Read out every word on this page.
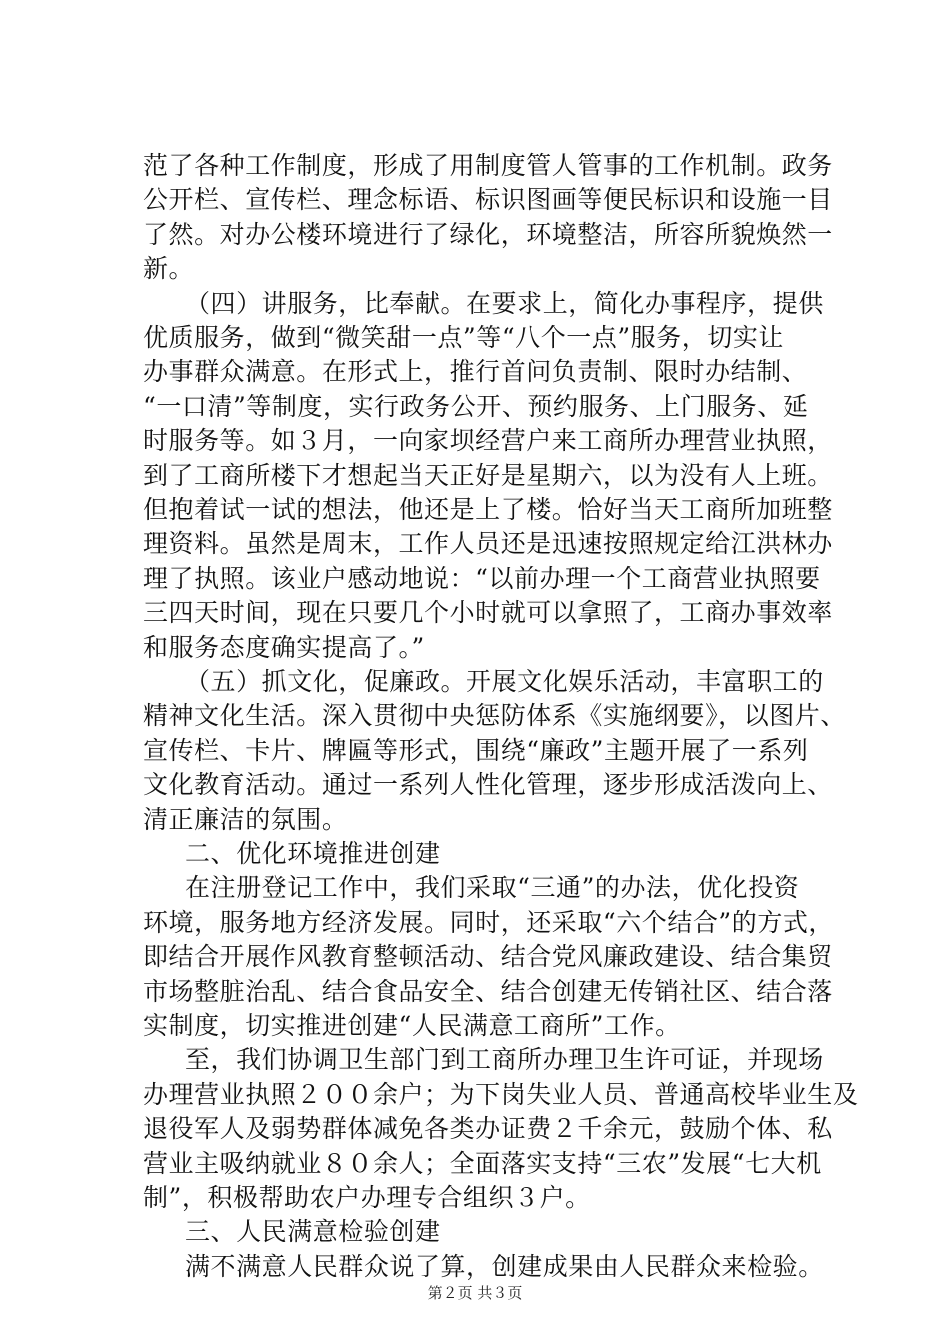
范了各种工作制度，形成了用制度管人管事的工作机制。政务
公开栏、宣传栏、理念标语、标识图画等便民标识和设施一目
了然。对办公楼环境进行了绿化，环境整洁，所容所貌焕然一
新。
（四）讲服务，比奉献。在要求上，简化办事程序，提供
优质服务，做到“微笑甜一点”等“八个一点”服务，切实让
办事群众满意。在形式上，推行首问负责制、限时办结制、
“一口清”等制度，实行政务公开、预约服务、上门服务、延
时服务等。如３月，一向家坝经营户来工商所办理营业执照，
到了工商所楼下才想起当天正好是星期六，以为没有人上班。
但抱着试一试的想法，他还是上了楼。恰好当天工商所加班整
理资料。虽然是周末，工作人员还是迅速按照规定给江洪林办
理了执照。该业户感动地说：“以前办理一个工商营业执照要
三四天时间，现在只要几个小时就可以拿照了，工商办事效率
和服务态度确实提高了。”
（五）抓文化，促廉政。开展文化娱乐活动，丰富职工的
精神文化生活。深入贯彻中央惩防体系《实施纲要》，以图片、
宣传栏、卡片、牌匾等形式，围绕“廉政”主题开展了一系列
文化教育活动。通过一系列人性化管理，逐步形成活泼向上、
清正廉洁的氛围。
二、优化环境推进创建
在注册登记工作中，我们采取“三通”的办法，优化投资
环境，服务地方经济发展。同时，还采取“六个结合”的方式，
即结合开展作风教育整顿活动、结合党风廉政建设、结合集贸
市场整脏治乱、结合食品安全、结合创建无传销社区、结合落
实制度，切实推进创建“人民满意工商所”工作。
至，我们协调卫生部门到工商所办理卫生许可证，并现场
办理营业执照２００余户；为下岗失业人员、普通高校毕业生及
退役军人及弱势群体减免各类办证费２千余元，鼓励个体、私
营业主吸纳就业８０余人；全面落实支持“三农”发展“七大机
制”，积极帮助农户办理专合组织３户。
三、人民满意检验创建
满不满意人民群众说了算，创建成果由人民群众来检验。
第２页 共３页
